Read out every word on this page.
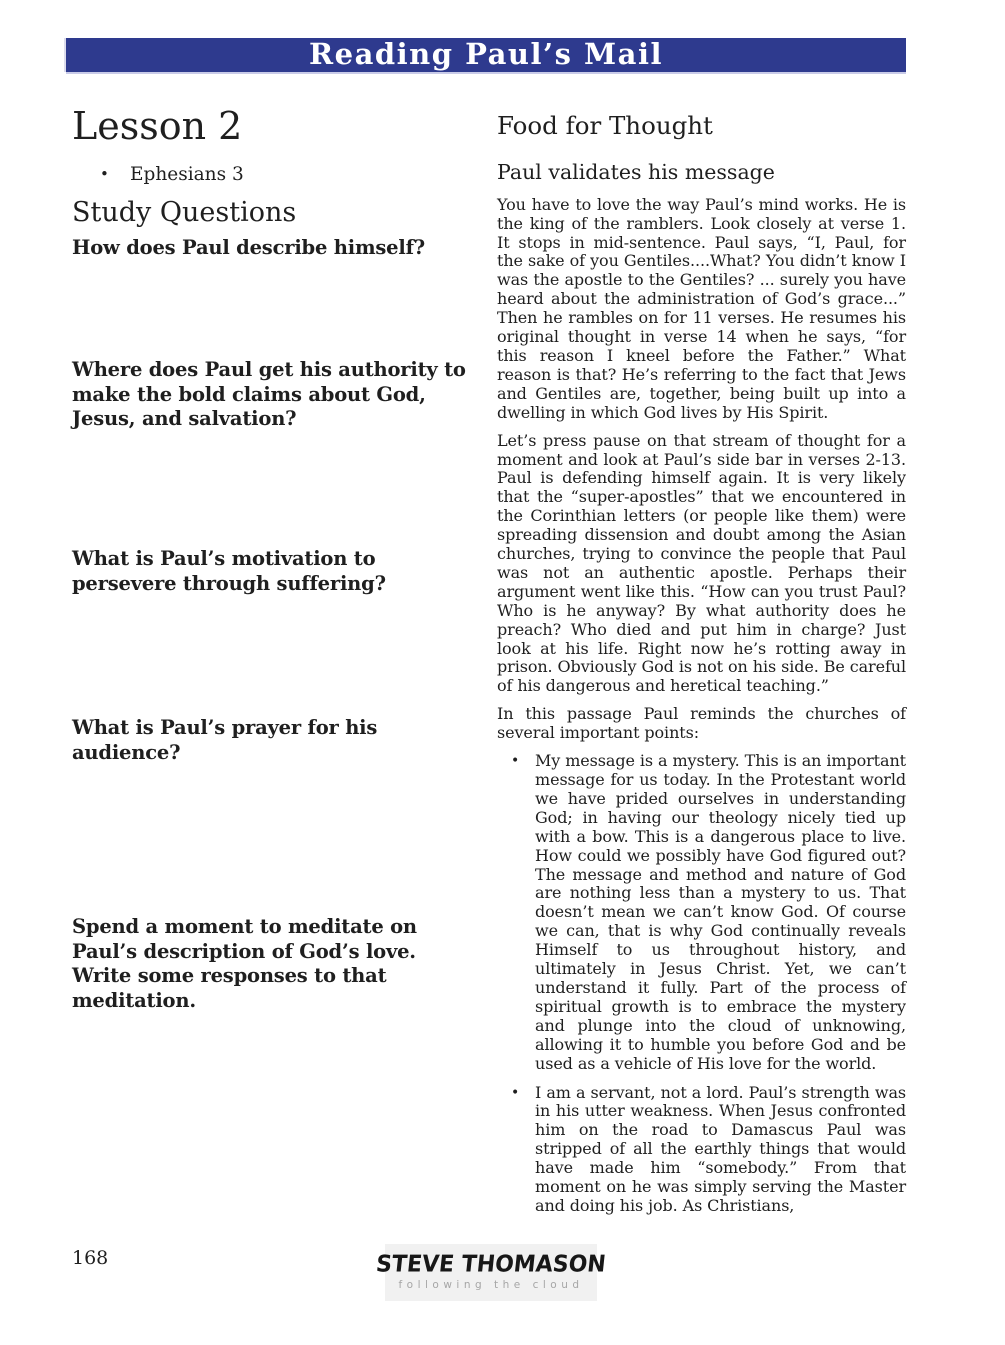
Reading Paul’s Mail
Lesson 2
• Ephesians 3
Study Questions

How does Paul describe himself?

Where does Paul get his authority to make the bold claims about God, Jesus, and salvation?

What is Paul’s motivation to persevere through suffering?

What is Paul’s prayer for his audience?

Spend a moment to meditate on Paul’s description of God’s love. Write some responses to that meditation.

Food for Thought
Paul validates his message

You have to love the way Paul’s mind works. He is the king of the ramblers. Look closely at verse 1. It stops in mid-sentence. Paul says, “I, Paul, for the sake of you Gentiles....What? You didn’t know I was the apostle to the Gentiles? ... surely you have heard about the administration of God’s grace...” Then he rambles on for 11 verses. He resumes his original thought in verse 14 when he says, “for this reason I kneel before the Father.” What reason is that? He’s referring to the fact that Jews and Gentiles are, together, being built up into a dwelling in which God lives by His Spirit.

Let’s press pause on that stream of thought for a moment and look at Paul’s side bar in verses 2-13. Paul is defending himself again. It is very likely that the “super-apostles” that we encountered in the Corinthian letters (or people like them) were spreading dissension and doubt among the Asian churches, trying to convince the people that Paul was not an authentic apostle. Perhaps their argument went like this. “How can you trust Paul? Who is he anyway? By what authority does he preach? Who died and put him in charge? Just look at his life. Right now he’s rotting away in prison. Obviously God is not on his side. Be careful of his dangerous and heretical teaching.”

In this passage Paul reminds the churches of several important points:

• My message is a mystery. This is an important message for us today. In the Protestant world we have prided ourselves in understanding God; in having our theology nicely tied up with a bow. This is a dangerous place to live. How could we possibly have God figured out? The message and method and nature of God are nothing less than a mystery to us. That doesn’t mean we can’t know God. Of course we can, that is why God continually reveals Himself to us throughout history, and ultimately in Jesus Christ. Yet, we can’t understand it fully. Part of the process of spiritual growth is to embrace the mystery and plunge into the cloud of unknowing, allowing it to humble you before God and be used as a vehicle of His love for the world.
• I am a servant, not a lord. Paul’s strength was in his utter weakness. When Jesus confronted him on the road to Damascus Paul was stripped of all the earthly things that would have made him “somebody.” From that moment on he was simply serving the Master and doing his job. As Christians,
168	STEVE THOMASON
following the cloud
